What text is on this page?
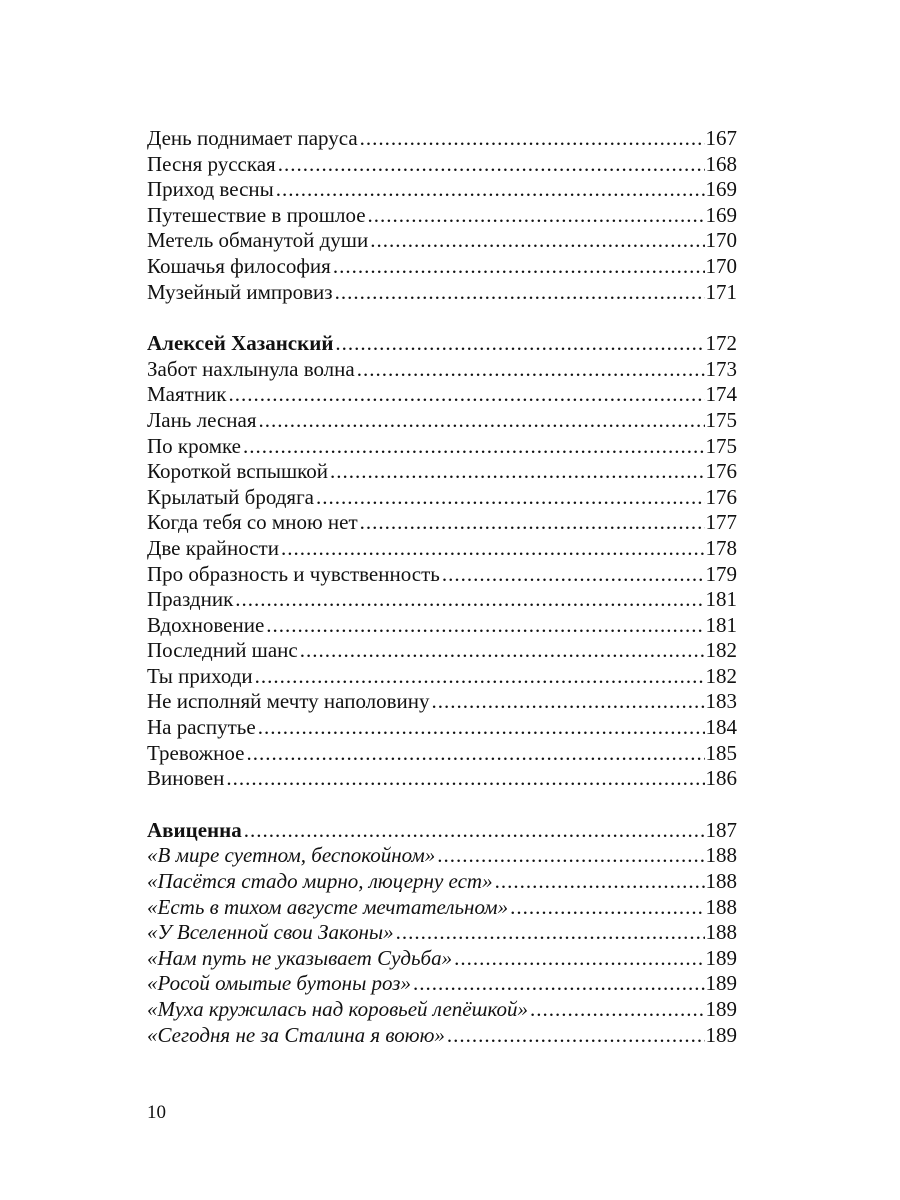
День поднимает паруса .....	167
Песня русская .....	168
Приход весны .....	169
Путешествие в прошлое .....	169
Метель обманутой души .....	170
Кошачья философия .....	170
Музейный импровиз .....	171
Алексей Хазанский .....	172
Забот нахлынула волна .....	173
Маятник .....	174
Лань лесная .....	175
По кромке .....	175
Короткой вспышкой .....	176
Крылатый бродяга .....	176
Когда тебя со мною нет .....	177
Две крайности .....	178
Про образность и чувственность .....	179
Праздник .....	181
Вдохновение .....	181
Последний шанс .....	182
Ты приходи .....	182
Не исполняй мечту наполовину .....	183
На распутье .....	184
Тревожное .....	185
Виновен .....	186
Авиценна .....	187
«В мире суетном, беспокойном» .....	188
«Пасётся стадо мирно, люцерну ест» .....	188
«Есть в тихом августе мечтательном» .....	188
«У Вселенной свои Законы» .....	188
«Нам путь не указывает Судьба» .....	189
«Росой омытые бутоны роз» .....	189
«Муха кружилась над коровьей лепёшкой» .....	189
«Сегодня не за Сталина я воюю» .....	189
10
